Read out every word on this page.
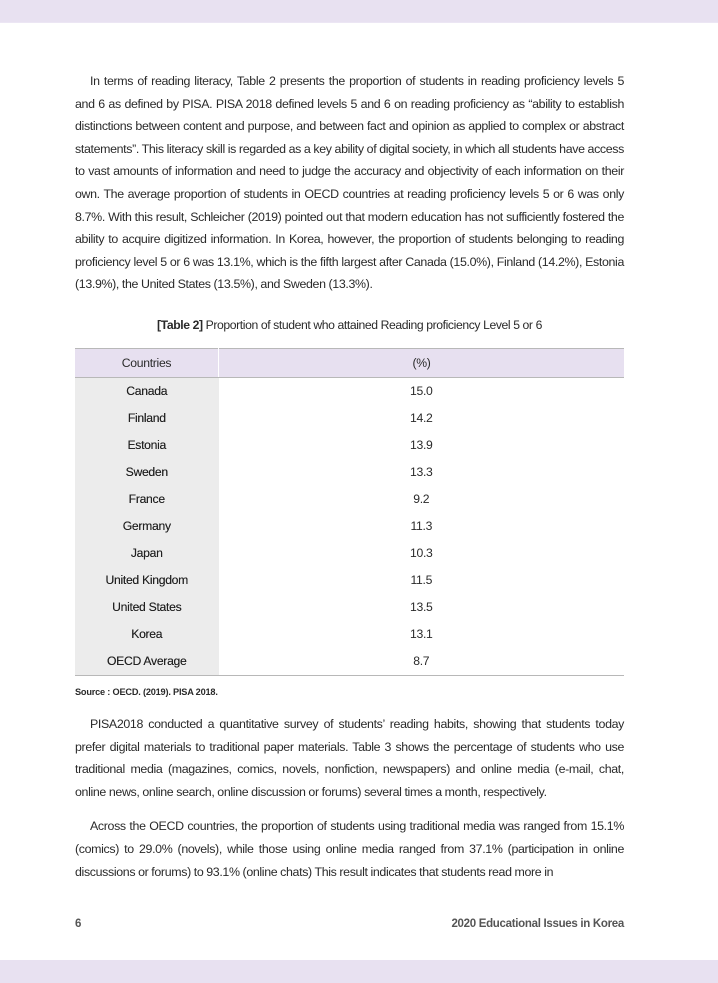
In terms of reading literacy, Table 2 presents the proportion of students in reading proficiency levels 5 and 6 as defined by PISA. PISA 2018 defined levels 5 and 6 on reading proficiency as “ability to establish distinctions between content and purpose, and between fact and opinion as applied to complex or abstract statements”. This literacy skill is regarded as a key ability of digital society, in which all students have access to vast amounts of information and need to judge the accuracy and objectivity of each information on their own. The average proportion of students in OECD countries at reading proficiency levels 5 or 6 was only 8.7%. With this result, Schleicher (2019) pointed out that modern education has not sufficiently fostered the ability to acquire digitized information. In Korea, however, the proportion of students belonging to reading proficiency level 5 or 6 was 13.1%, which is the fifth largest after Canada (15.0%), Finland (14.2%), Estonia (13.9%), the United States (13.5%), and Sweden (13.3%).

[Table 2] Proportion of student who attained Reading proficiency Level 5 or 6
Countries	(%)
Canada	15.0
Finland	14.2
Estonia	13.9
Sweden	13.3
France	9.2
Germany	11.3
Japan	10.3
United Kingdom	11.5
United States	13.5
Korea	13.1
OECD Average	8.7
Source : OECD. (2019). PISA 2018.

PISA2018 conducted a quantitative survey of students’ reading habits, showing that students today prefer digital materials to traditional paper materials. Table 3 shows the percentage of students who use traditional media (magazines, comics, novels, nonfiction, newspapers) and online media (e-mail, chat, online news, online search, online discussion or forums) several times a month, respectively.

Across the OECD countries, the proportion of students using traditional media was ranged from 15.1% (comics) to 29.0% (novels), while those using online media ranged from 37.1% (participation in online discussions or forums) to 93.1% (online chats) This result indicates that students read more in

6	2020 Educational Issues in Korea
